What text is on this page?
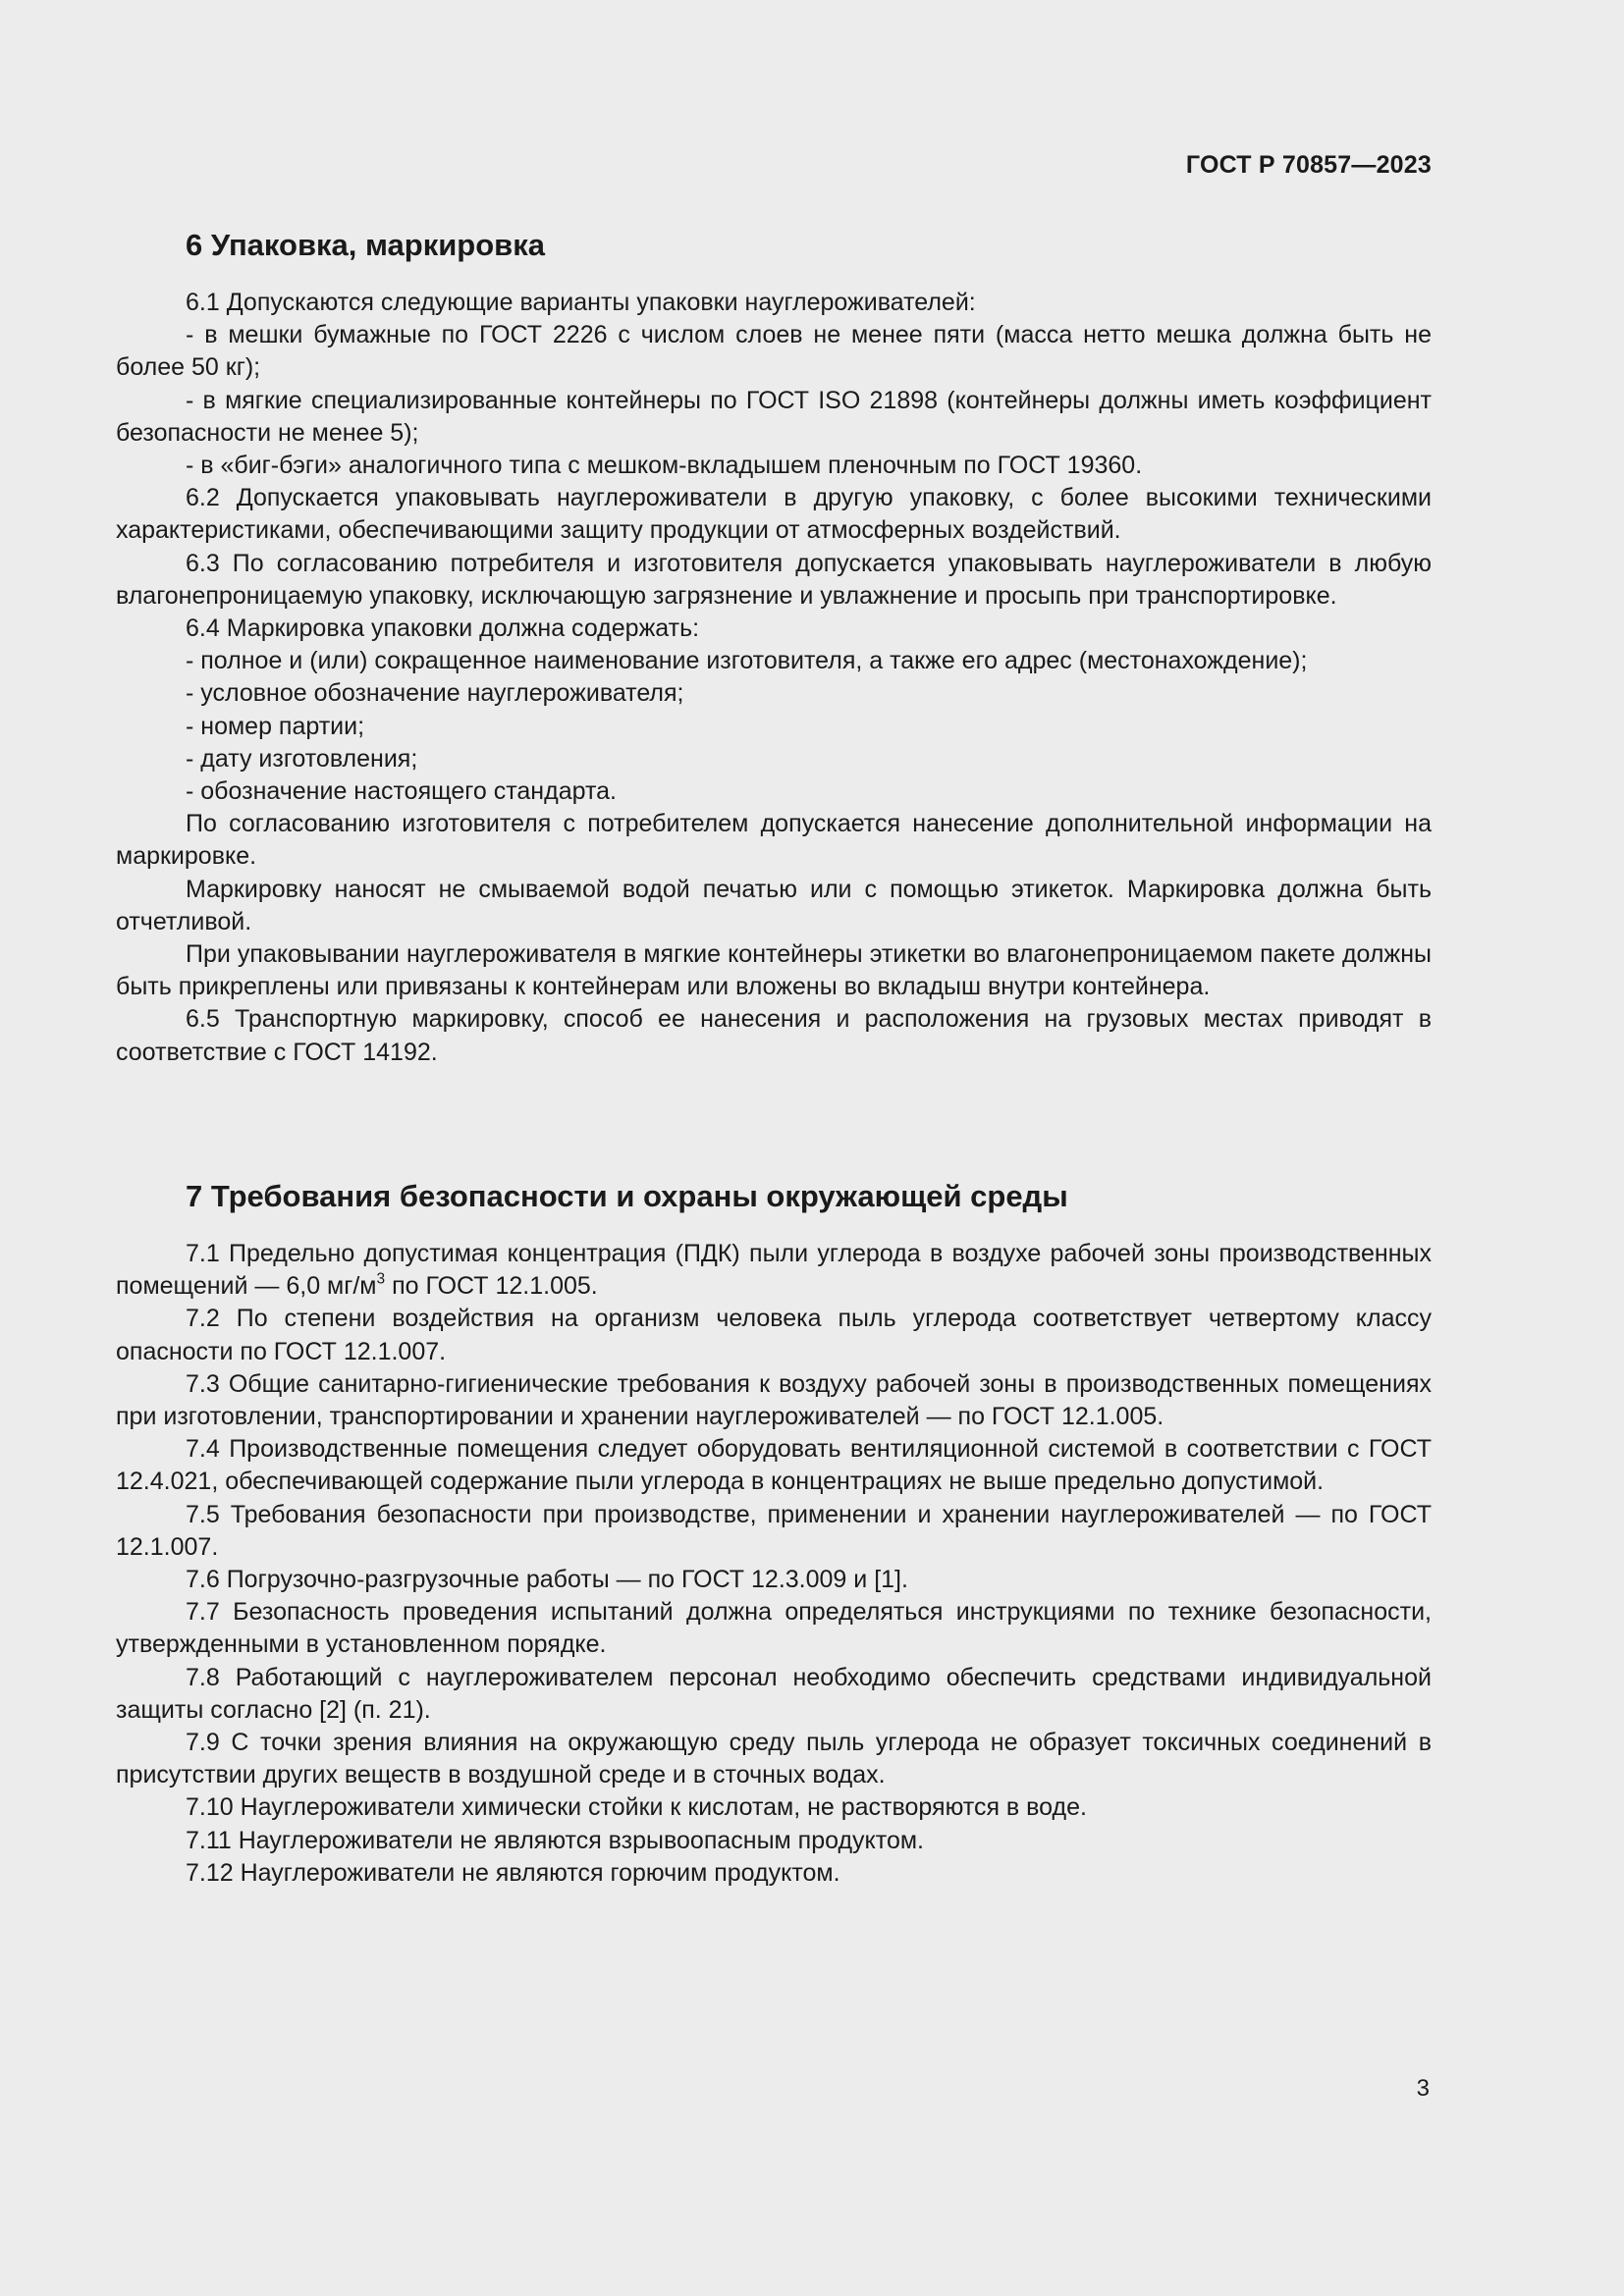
ГОСТ Р 70857—2023
6 Упаковка, маркировка

6.1 Допускаются следующие варианты упаковки науглероживателей:

- в мешки бумажные по ГОСТ 2226 с числом слоев не менее пяти (масса нетто мешка должна быть не более 50 кг);

- в мягкие специализированные контейнеры по ГОСТ ISO 21898 (контейнеры должны иметь коэффициент безопасности не менее 5);

- в «биг-бэги» аналогичного типа с мешком-вкладышем пленочным по ГОСТ 19360.

6.2 Допускается упаковывать науглероживатели в другую упаковку, с более высокими техническими характеристиками, обеспечивающими защиту продукции от атмосферных воздействий.

6.3 По согласованию потребителя и изготовителя допускается упаковывать науглероживатели в любую влагонепроницаемую упаковку, исключающую загрязнение и увлажнение и просыпь при транспортировке.

6.4 Маркировка упаковки должна содержать:

- полное и (или) сокращенное наименование изготовителя, а также его адрес (местонахождение);

- условное обозначение науглероживателя;

- номер партии;

- дату изготовления;

- обозначение настоящего стандарта.

По согласованию изготовителя с потребителем допускается нанесение дополнительной информации на маркировке.

Маркировку наносят не смываемой водой печатью или с помощью этикеток. Маркировка должна быть отчетливой.

При упаковывании науглероживателя в мягкие контейнеры этикетки во влагонепроницаемом пакете должны быть прикреплены или привязаны к контейнерам или вложены во вкладыш внутри контейнера.

6.5 Транспортную маркировку, способ ее нанесения и расположения на грузовых местах приводят в соответствие с ГОСТ 14192.

7 Требования безопасности и охраны окружающей среды

7.1 Предельно допустимая концентрация (ПДК) пыли углерода в воздухе рабочей зоны производственных помещений — 6,0 $мг/м^3$ по ГОСТ 12.1.005.

7.2 По степени воздействия на организм человека пыль углерода соответствует четвертому классу опасности по ГОСТ 12.1.007.

7.3 Общие санитарно-гигиенические требования к воздуху рабочей зоны в производственных помещениях при изготовлении, транспортировании и хранении науглероживателей — по ГОСТ 12.1.005.

7.4 Производственные помещения следует оборудовать вентиляционной системой в соответствии с ГОСТ 12.4.021, обеспечивающей содержание пыли углерода в концентрациях не выше предельно допустимой.

7.5 Требования безопасности при производстве, применении и хранении науглероживателей — по ГОСТ 12.1.007.

7.6 Погрузочно-разгрузочные работы — по ГОСТ 12.3.009 и [1].

7.7 Безопасность проведения испытаний должна определяться инструкциями по технике безопасности, утвержденными в установленном порядке.

7.8 Работающий с науглероживателем персонал необходимо обеспечить средствами индивидуальной защиты согласно [2] (п. 21).

7.9 С точки зрения влияния на окружающую среду пыль углерода не образует токсичных соединений в присутствии других веществ в воздушной среде и в сточных водах.

7.10 Науглероживатели химически стойки к кислотам, не растворяются в воде.

7.11 Науглероживатели не являются взрывоопасным продуктом.

7.12 Науглероживатели не являются горючим продуктом.

3
